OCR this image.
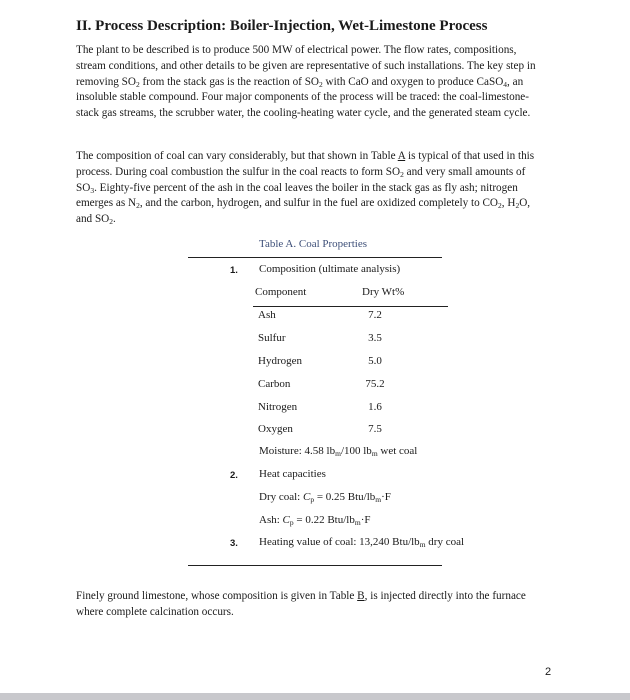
II. Process Description: Boiler-Injection, Wet-Limestone Process

The plant to be described is to produce 500 MW of electrical power. The flow rates, compositions, stream conditions, and other details to be given are representative of such installations. The key step in removing $SO_2$ from the stack gas is the reaction of $SO_2$ with CaO and oxygen to produce CaSO$_4$, an insoluble stable compound. Four major components of the process will be traced: the coal-limestone-stack gas streams, the scrubber water, the cooling-heating water cycle, and the generated steam cycle.

The composition of coal can vary considerably, but that shown in Table A is typical of that used in this process. During coal combustion the sulfur in the coal reacts to form $SO_2$ and very small amounts of $SO_3$. Eighty-five percent of the ash in the coal leaves the boiler in the stack gas as fly ash; nitrogen emerges as $N_2$, and the carbon, hydrogen, and sulfur in the fuel are oxidized completely to $CO_2$, $H_2O$, and $SO_2$.

Table A. Coal Properties
1. Composition (ultimate analysis)
Component	Dry Wt%
Ash	7.2
Sulfur	3.5
Hydrogen	5.0
Carbon	75.2
Nitrogen	1.6
Oxygen	7.5
Moisture: 4.58 $lb_m/100$ $lb_m$ wet coal
2. Heat capacities
Dry coal: $C_p = 0.25$ Btu/$lb_m\cdot F$
Ash: $C_p = 0.22$ Btu/$lb_m\cdot F$
3. Heating value of coal: 13,240 Btu/$lb_m$ dry coal

Finely ground limestone, whose composition is given in Table B, is injected directly into the furnace where complete calcination occurs.

2
